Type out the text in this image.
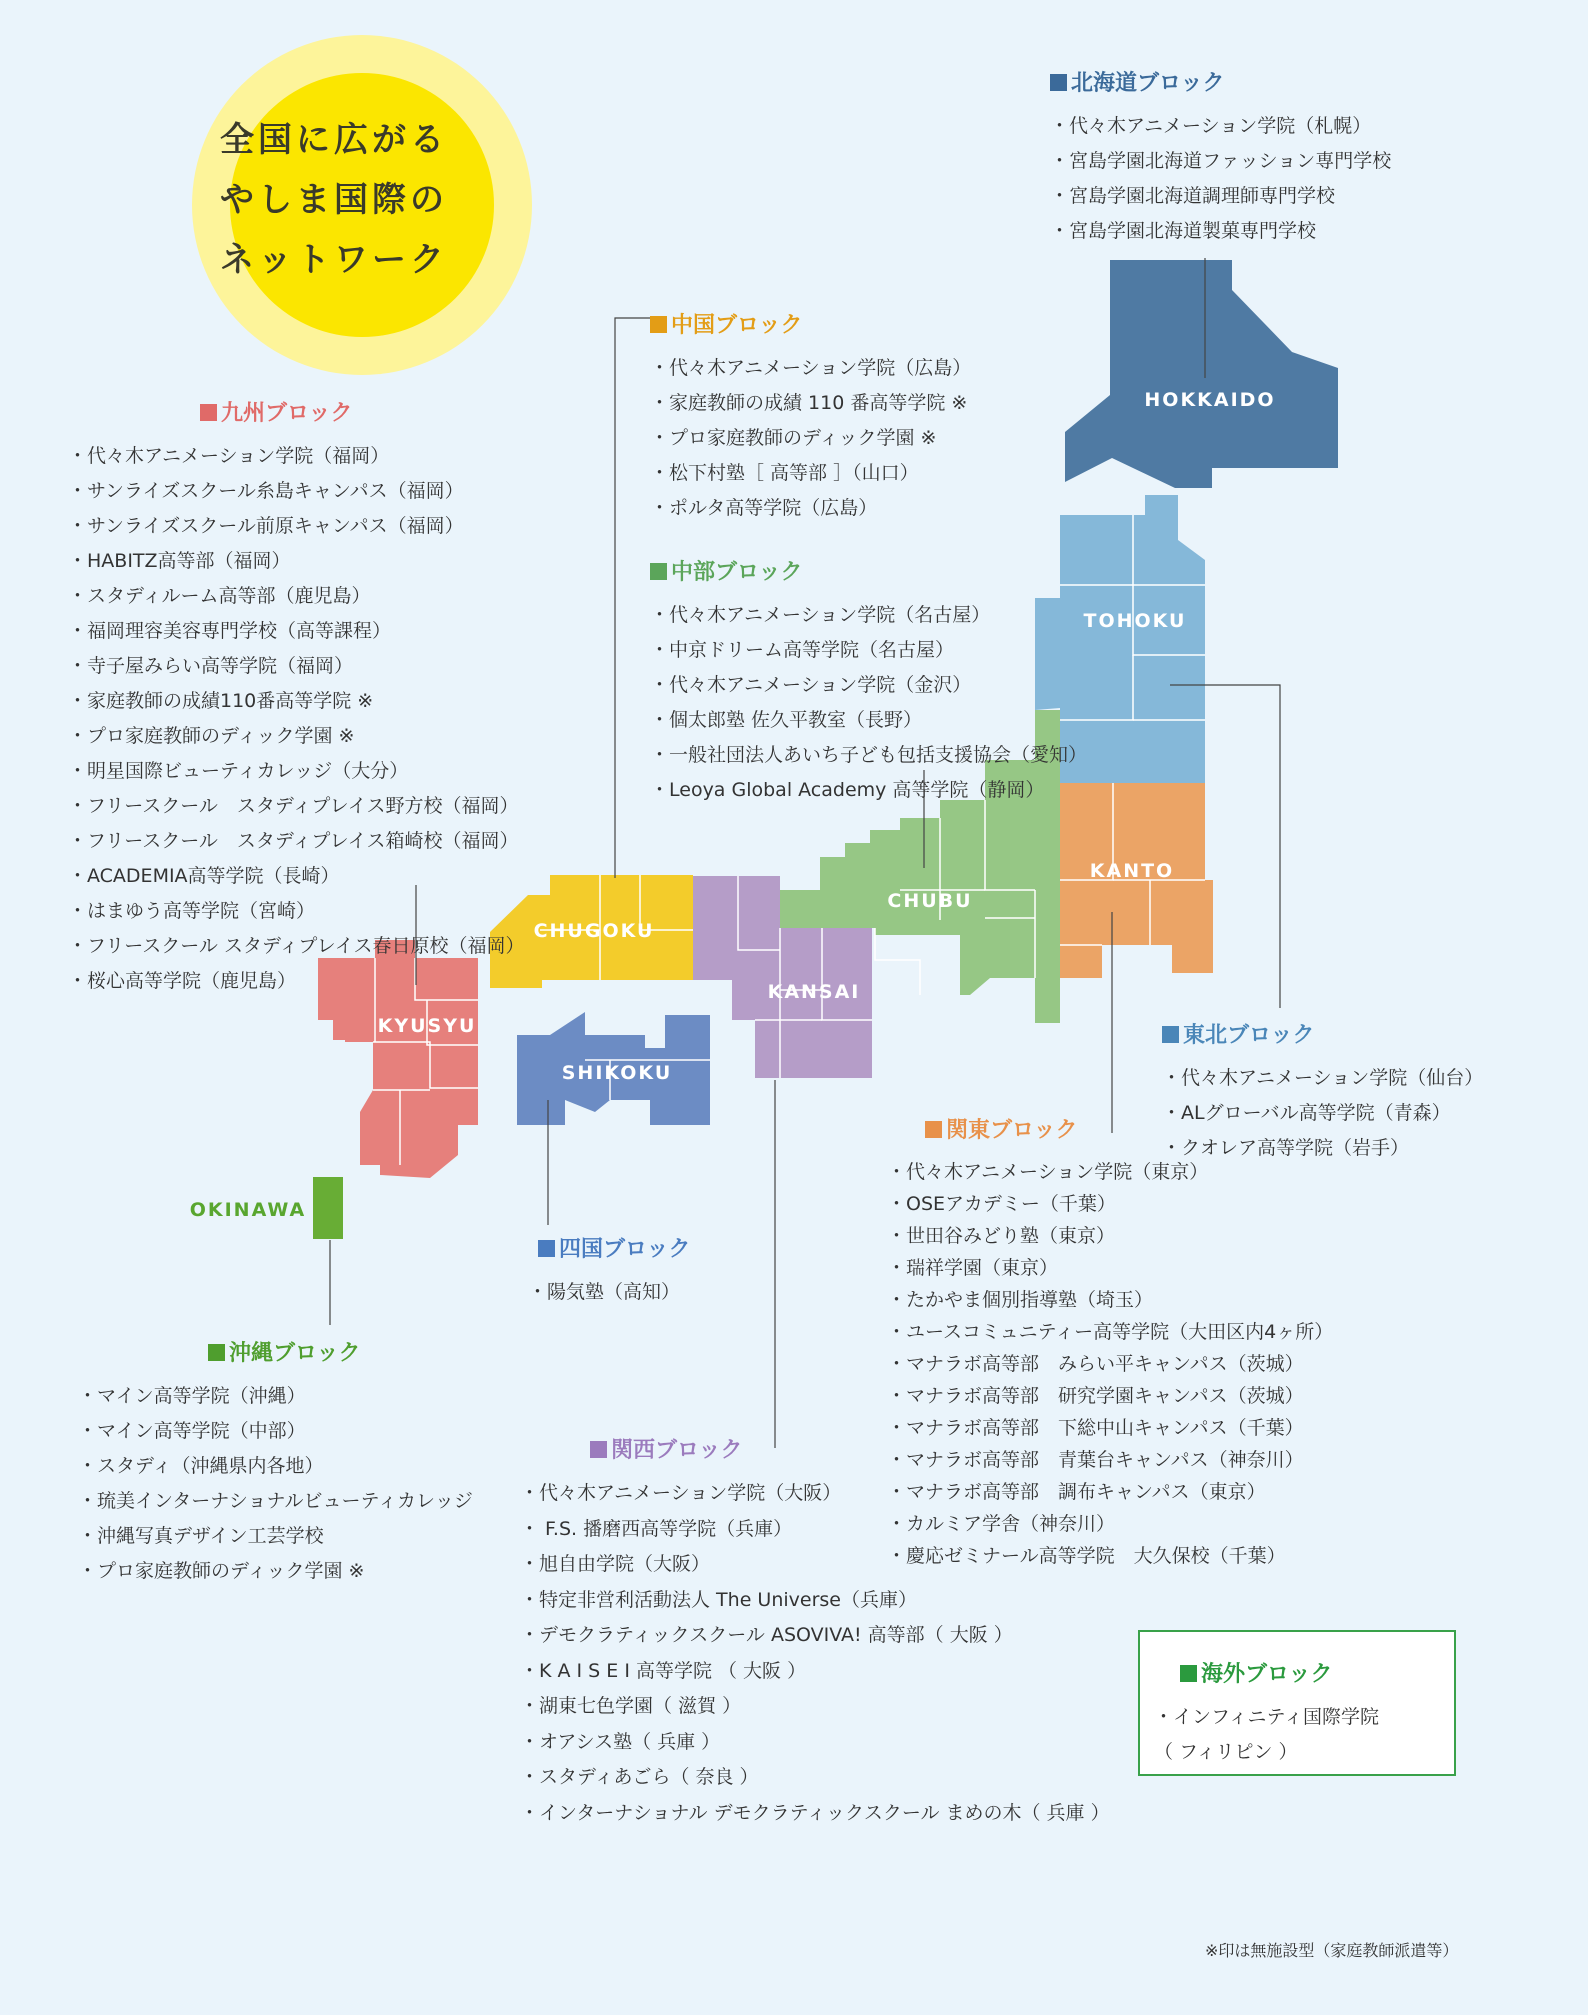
HOKKAIDO
TOHOKU
KANTO
CHUBU
KANSAI
CHUGOKU
SHIKOKU
KYUSYU
OKINAWA
全国に広がる
やしま国際の
ネットワーク
北海道ブロック
・代々木アニメーション学院（札幌）
・宮島学園北海道ファッション専門学校
・宮島学園北海道調理師専門学校
・宮島学園北海道製菓専門学校
中国ブロック
・代々木アニメーション学院（広島）
・家庭教師の成績 110 番高等学院 ※
・プロ家庭教師のディック学園 ※
・松下村塾［ 高等部 ］（山口）
・ポルタ高等学院（広島）
中部ブロック
・代々木アニメーション学院（名古屋）
・中京ドリーム高等学院（名古屋）
・代々木アニメーション学院（金沢）
・個太郎塾 佐久平教室（長野）
・一般社団法人あいち子ども包括支援協会（愛知）
・Leoya Global Academy 高等学院（静岡）
九州ブロック
・代々木アニメーション学院（福岡）
・サンライズスクール糸島キャンパス（福岡）
・サンライズスクール前原キャンパス（福岡）
・HABITZ高等部（福岡）
・スタディルーム高等部（鹿児島）
・福岡理容美容専門学校（高等課程）
・寺子屋みらい高等学院（福岡）
・家庭教師の成績110番高等学院 ※
・プロ家庭教師のディック学園 ※
・明星国際ビューティカレッジ（大分）
・フリースクール　スタディプレイス野方校（福岡）
・フリースクール　スタディプレイス箱崎校（福岡）
・ACADEMIA高等学院（長崎）
・はまゆう高等学院（宮崎）
・フリースクール スタディプレイス春日原校（福岡）
・桜心高等学院（鹿児島）
東北ブロック
・代々木アニメーション学院（仙台）
・ALグローバル高等学院（青森）
・クオレア高等学院（岩手）
関東ブロック
・代々木アニメーション学院（東京）
・OSEアカデミー（千葉）
・世田谷みどり塾（東京）
・瑞祥学園（東京）
・たかやま個別指導塾（埼玉）
・ユースコミュニティー高等学院（大田区内4ヶ所）
・マナラボ高等部　みらい平キャンパス（茨城）
・マナラボ高等部　研究学園キャンパス（茨城）
・マナラボ高等部　下総中山キャンパス（千葉）
・マナラボ高等部　青葉台キャンパス（神奈川）
・マナラボ高等部　調布キャンパス（東京）
・カルミア学舎（神奈川）
・慶応ゼミナール高等学院　大久保校（千葉）
四国ブロック
・陽気塾（高知）
沖縄ブロック
・マイン高等学院（沖縄）
・マイン高等学院（中部）
・スタディ（沖縄県内各地）
・琉美インターナショナルビューティカレッジ
・沖縄写真デザイン工芸学校
・プロ家庭教師のディック学園 ※
関西ブロック
・代々木アニメーション学院（大阪）
・ F.S. 播磨西高等学院（兵庫）
・旭自由学院（大阪）
・特定非営利活動法人 The Universe（兵庫）
・デモクラティックスクール ASOVIVA! 高等部（ 大阪 ）
・K A I S E I 高等学院 （ 大阪 ）
・湖東七色学園（ 滋賀 ）
・オアシス塾（ 兵庫 ）
・スタディあごら（ 奈良 ）
・インターナショナル デモクラティックスクール まめの木（ 兵庫 ）
海外ブロック
・インフィニティ国際学院
（ フィリピン ）
※印は無施設型（家庭教師派遣等）
